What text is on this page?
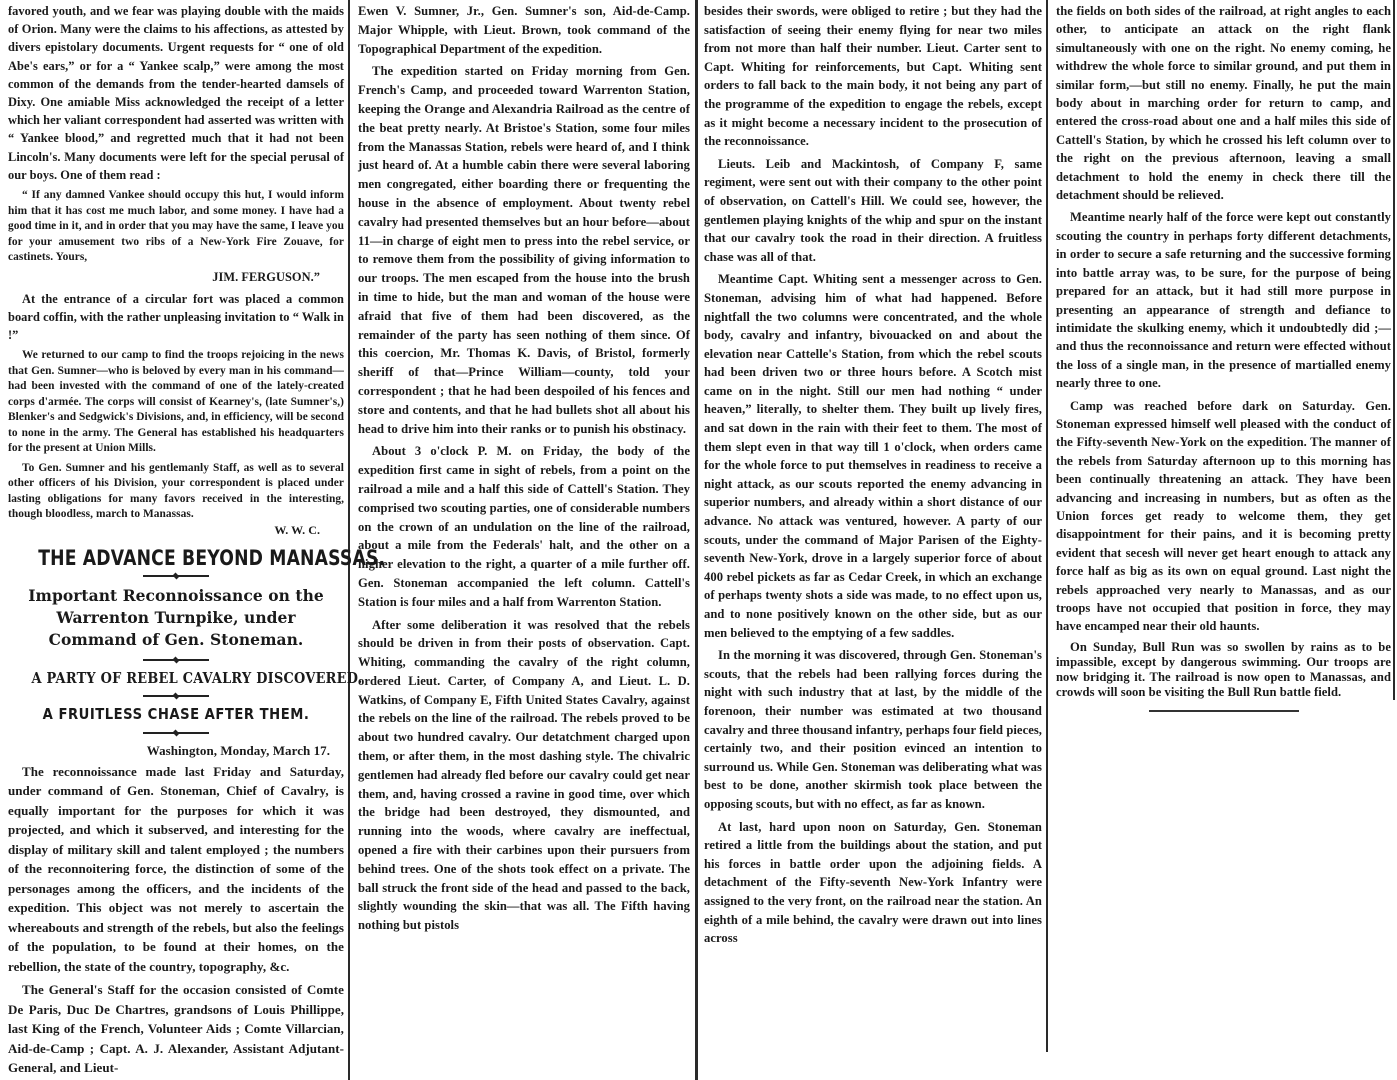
favored youth, and we fear was playing double with the maids of Orion. Many were the claims to his affections, as attested by divers epistolary documents. Urgent requests for “ one of old Abe's ears,” or for a “ Yankee scalp,” were among the most common of the demands from the tender-hearted damsels of Dixy. One amiable Miss acknowledged the receipt of a letter which her valiant correspondent had asserted was written with “ Yankee blood,” and regretted much that it had not been Lincoln's. Many documents were left for the special perusal of our boys. One of them read :

“ If any damned Vankee should occupy this hut, I would inform him that it has cost me much labor, and some money. I have had a good time in it, and in order that you may have the same, I leave you for your amusement two ribs of a New-York Fire Zouave, for castinets. Yours,

JIM. FERGUSON.”

At the entrance of a circular fort was placed a common board coffin, with the rather unpleasing invitation to “ Walk in !”

We returned to our camp to find the troops rejoicing in the news that Gen. Sumner—who is beloved by every man in his command—had been invested with the command of one of the lately-created corps d'armée. The corps will consist of Kearney's, (late Sumner's,) Blenker's and Sedgwick's Divisions, and, in efficiency, will be second to none in the army. The General has established his headquarters for the present at Union Mills.

To Gen. Sumner and his gentlemanly Staff, as well as to several other officers of his Division, your correspondent is placed under lasting obligations for many favors received in the interesting, though bloodless, march to Manassas.

W. W. C.

THE ADVANCE BEYOND MANASSAS.
Important Reconnoissance on the Warrenton Turnpike, under Command of Gen. Stoneman.
A PARTY OF REBEL CAVALRY DISCOVERED.
A FRUITLESS CHASE AFTER THEM.

Washington, Monday, March 17.

The reconnoissance made last Friday and Saturday, under command of Gen. Stoneman, Chief of Cavalry, is equally important for the purposes for which it was projected, and which it subserved, and interesting for the display of military skill and talent employed ; the numbers of the reconnoitering force, the distinction of some of the personages among the officers, and the incidents of the expedition. This object was not merely to ascertain the whereabouts and strength of the rebels, but also the feelings of the population, to be found at their homes, on the rebellion, the state of the country, topography, &c.

The General's Staff for the occasion consisted of Comte De Paris, Duc De Chartres, grandsons of Louis Phillippe, last King of the French, Volunteer Aids ; Comte Villarcian, Aid-de-Camp ; Capt. A. J. Alexander, Assistant Adjutant-General, and Lieut-

Ewen V. Sumner, Jr., Gen. Sumner's son, Aid-de-Camp. Major Whipple, with Lieut. Brown, took command of the Topographical Department of the expedition.

The expedition started on Friday morning from Gen. French's Camp, and proceeded toward Warrenton Station, keeping the Orange and Alexandria Railroad as the centre of the beat pretty nearly. At Bristoe's Station, some four miles from the Manassas Station, rebels were heard of, and I think just heard of. At a humble cabin there were several laboring men congregated, either boarding there or frequenting the house in the absence of employment. About twenty rebel cavalry had presented themselves but an hour before—about 11—in charge of eight men to press into the rebel service, or to remove them from the possibility of giving information to our troops. The men escaped from the house into the brush in time to hide, but the man and woman of the house were afraid that five of them had been discovered, as the remainder of the party has seen nothing of them since. Of this coercion, Mr. Thomas K. Davis, of Bristol, formerly sheriff of that—Prince William—county, told your correspondent ; that he had been despoiled of his fences and store and contents, and that he had bullets shot all about his head to drive him into their ranks or to punish his obstinacy.

About 3 o'clock P. M. on Friday, the body of the expedition first came in sight of rebels, from a point on the railroad a mile and a half this side of Cattell's Station. They comprised two scouting parties, one of considerable numbers on the crown of an undulation on the line of the railroad, about a mile from the Federals' halt, and the other on a higher elevation to the right, a quarter of a mile further off. Gen. Stoneman accompanied the left column. Cattell's Station is four miles and a half from Warrenton Station.

After some deliberation it was resolved that the rebels should be driven in from their posts of observation. Capt. Whiting, commanding the cavalry of the right column, ordered Lieut. Carter, of Company A, and Lieut. L. D. Watkins, of Company E, Fifth United States Cavalry, against the rebels on the line of the railroad. The rebels proved to be about two hundred cavalry. Our detatchment charged upon them, or after them, in the most dashing style. The chivalric gentlemen had already fled before our cavalry could get near them, and, having crossed a ravine in good time, over which the bridge had been destroyed, they dismounted, and running into the woods, where cavalry are ineffectual, opened a fire with their carbines upon their pursuers from behind trees. One of the shots took effect on a private. The ball struck the front side of the head and passed to the back, slightly wounding the skin—that was all. The Fifth having nothing but pistols

besides their swords, were obliged to retire ; but they had the satisfaction of seeing their enemy flying for near two miles from not more than half their number. Lieut. Carter sent to Capt. Whiting for reinforcements, but Capt. Whiting sent orders to fall back to the main body, it not being any part of the programme of the expedition to engage the rebels, except as it might become a necessary incident to the prosecution of the reconnoissance.

Lieuts. Leib and Mackintosh, of Company F, same regiment, were sent out with their company to the other point of observation, on Cattell's Hill. We could see, however, the gentlemen playing knights of the whip and spur on the instant that our cavalry took the road in their direction. A fruitless chase was all of that.

Meantime Capt. Whiting sent a messenger across to Gen. Stoneman, advising him of what had happened. Before nightfall the two columns were concentrated, and the whole body, cavalry and infantry, bivouacked on and about the elevation near Cattelle's Station, from which the rebel scouts had been driven two or three hours before. A Scotch mist came on in the night. Still our men had nothing “ under heaven,” literally, to shelter them. They built up lively fires, and sat down in the rain with their feet to them. The most of them slept even in that way till 1 o'clock, when orders came for the whole force to put themselves in readiness to receive a night attack, as our scouts reported the enemy advancing in superior numbers, and already within a short distance of our advance. No attack was ventured, however. A party of our scouts, under the command of Major Parisen of the Eighty-seventh New-York, drove in a largely superior force of about 400 rebel pickets as far as Cedar Creek, in which an exchange of perhaps twenty shots a side was made, to no effect upon us, and to none positively known on the other side, but as our men believed to the emptying of a few saddles.

In the morning it was discovered, through Gen. Stoneman's scouts, that the rebels had been rallying forces during the night with such industry that at last, by the middle of the forenoon, their number was estimated at two thousand cavalry and three thousand infantry, perhaps four field pieces, certainly two, and their position evinced an intention to surround us. While Gen. Stoneman was deliberating what was best to be done, another skirmish took place between the opposing scouts, but with no effect, as far as known.

At last, hard upon noon on Saturday, Gen. Stoneman retired a little from the buildings about the station, and put his forces in battle order upon the adjoining fields. A detachment of the Fifty-seventh New-York Infantry were assigned to the very front, on the railroad near the station. An eighth of a mile behind, the cavalry were drawn out into lines across

the fields on both sides of the railroad, at right angles to each other, to anticipate an attack on the right flank simultaneously with one on the right. No enemy coming, he withdrew the whole force to similar ground, and put them in similar form,—but still no enemy. Finally, he put the main body about in marching order for return to camp, and entered the cross-road about one and a half miles this side of Cattell's Station, by which he crossed his left column over to the right on the previous afternoon, leaving a small detachment to hold the enemy in check there till the detachment should be relieved.

Meantime nearly half of the force were kept out constantly scouting the country in perhaps forty different detachments, in order to secure a safe returning and the successive forming into battle array was, to be sure, for the purpose of being prepared for an attack, but it had still more purpose in presenting an appearance of strength and defiance to intimidate the skulking enemy, which it undoubtedly did ;—and thus the reconnoissance and return were effected without the loss of a single man, in the presence of martialled enemy nearly three to one.

Camp was reached before dark on Saturday. Gen. Stoneman expressed himself well pleased with the conduct of the Fifty-seventh New-York on the expedition. The manner of the rebels from Saturday afternoon up to this morning has been continually threatening an attack. They have been advancing and increasing in numbers, but as often as the Union forces get ready to welcome them, they get disappointment for their pains, and it is becoming pretty evident that secesh will never get heart enough to attack any force half as big as its own on equal ground. Last night the rebels approached very nearly to Manassas, and as our troops have not occupied that position in force, they may have encamped near their old haunts.

On Sunday, Bull Run was so swollen by rains as to be impassible, except by dangerous swimming. Our troops are now bridging it. The railroad is now open to Manassas, and crowds will soon be visiting the Bull Run battle field.
